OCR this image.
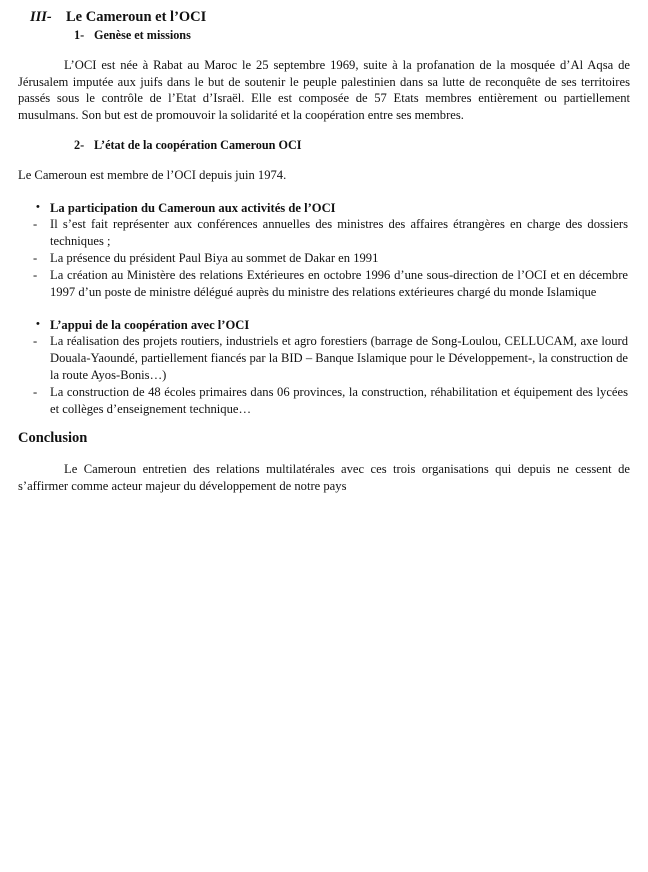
III- Le Cameroun et l’OCI
1- Genèse et missions

L’OCI est née à Rabat au Maroc le 25 septembre 1969, suite à la profanation de la mosquée d’Al Aqsa de Jérusalem imputée aux juifs dans le but de soutenir le peuple palestinien dans sa lutte de reconquête de ses territoires passés sous le contrôle de l’Etat d’Israël. Elle est composée de 57 Etats membres entièrement ou partiellement musulmans. Son but est de promouvoir la solidarité et la coopération entre ses membres.

2- L’état de la coopération Cameroun OCI

Le Cameroun est membre de l’OCI depuis juin 1974.

• La participation du Cameroun aux activités de l’OCI
-	Il s’est fait représenter aux conférences annuelles des ministres des affaires étrangères en charge des dossiers techniques ;
-	La présence du président Paul Biya au sommet de Dakar en 1991
-	La création au Ministère des relations Extérieures en octobre 1996 d’une sous-direction de l’OCI et en décembre 1997 d’un poste de ministre délégué auprès du ministre des relations extérieures chargé du monde Islamique
• L’appui de la coopération avec l’OCI
-	La réalisation des projets routiers, industriels et agro forestiers (barrage de Song-Loulou, CELLUCAM, axe lourd Douala-Yaoundé, partiellement fiancés par la BID – Banque Islamique pour le Développement-, la construction de la route Ayos-Bonis…)
-	La construction de 48 écoles primaires dans 06 provinces, la construction, réhabilitation et équipement des lycées et collèges d’enseignement technique…
Conclusion

Le Cameroun entretien des relations multilatérales avec ces trois organisations qui depuis ne cessent de s’affirmer comme acteur majeur du développement de notre pays
